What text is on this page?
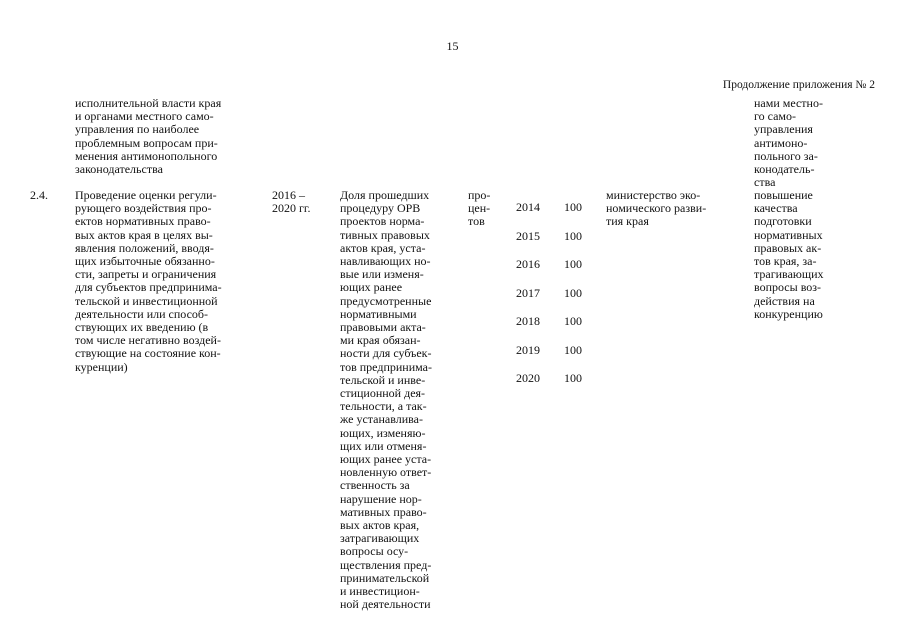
15
Продолжение приложения № 2
исполнительной власти края
и органами местного само-
управления по наиболее
проблемным вопросам при-
менения антимонопольного
законодательства
нами местно-
го само-
управления
антимоно-
польного за-
конодатель-
ства
2.4. Проведение оценки регули-
рующего воздействия про-
ектов нормативных право-
вых актов края в целях вы-
явления положений, вводя-
щих избыточные обязанно-
сти, запреты и ограничения
для субъектов предпринима-
тельской и инвестиционной
деятельности или способ-
ствующих их введению (в
том числе негативно воздей-
ствующие на состояние кон-
куренции)
2016 –
2020 гг.
Доля прошедших
процедуру ОРВ
проектов норма-
тивных правовых
актов края, уста-
навливающих но-
вые или изменя-
ющих ранее
предусмотренные
нормативными
правовыми акта-
ми края обязан-
ности для субъек-
тов предпринима-
тельской и инве-
стиционной дея-
тельности, а так-
же устанавлива-
ющих, изменяю-
щих или отменя-
ющих ранее уста-
новленную ответ-
ственность за
нарушение нор-
мативных право-
вых актов края,
затрагивающих
вопросы осу-
ществления пред-
принимательской
и инвестицион-
ной деятельности
про-
цен-
тов

2014

2015

2016

2017

2018

2019

2020

100

100

100

100

100

100

100

министерство эко-
номического разви-
тия края
повышение
качества
подготовки
нормативных
правовых ак-
тов края, за-
трагивающих
вопросы воз-
действия на
конкуренцию
